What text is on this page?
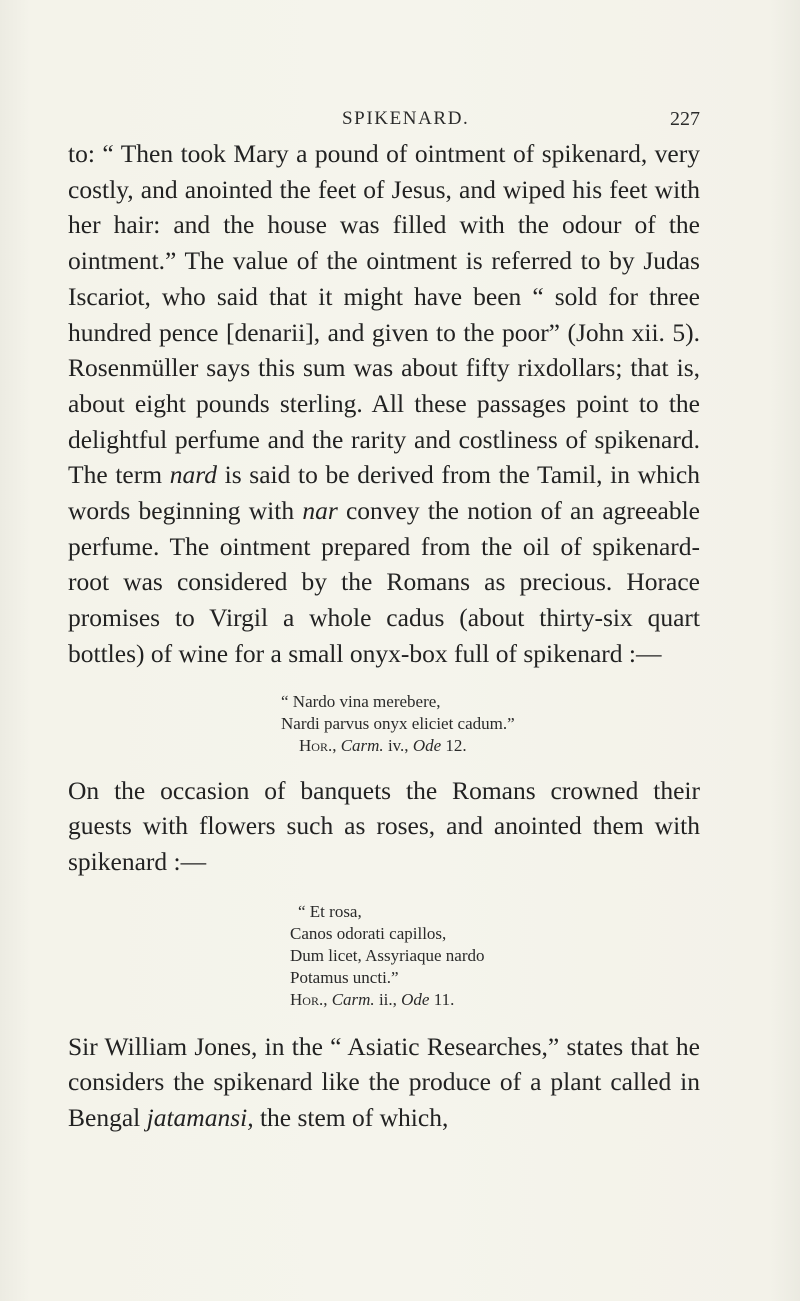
SPIKENARD.	227

to: “ Then took Mary a pound of ointment of spikenard, very costly, and anointed the feet of Jesus, and wiped his feet with her hair: and the house was filled with the odour of the ointment.” The value of the ointment is referred to by Judas Iscariot, who said that it might have been “ sold for three hundred pence [denarii], and given to the poor” (John xii. 5). Rosenmüller says this sum was about fifty rixdollars; that is, about eight pounds sterling. All these passages point to the delightful perfume and the rarity and costliness of spikenard. The term nard is said to be derived from the Tamil, in which words beginning with nar convey the notion of an agreeable perfume. The ointment prepared from the oil of spikenard-root was considered by the Romans as precious. Horace promises to Virgil a whole cadus (about thirty-six quart bottles) of wine for a small onyx-box full of spikenard :—

“ Nardo vina merebere,
Nardi parvus onyx eliciet cadum.”
Hor., Carm. iv., Ode 12.

On the occasion of banquets the Romans crowned their guests with flowers such as roses, and anointed them with spikenard :—

“ Et rosa,
Canos odorati capillos,
Dum licet, Assyriaque nardo
Potamus uncti.”
Hor., Carm. ii., Ode 11.

Sir William Jones, in the “ Asiatic Researches,” states that he considers the spikenard like the produce of a plant called in Bengal jatamansi, the stem of which,
